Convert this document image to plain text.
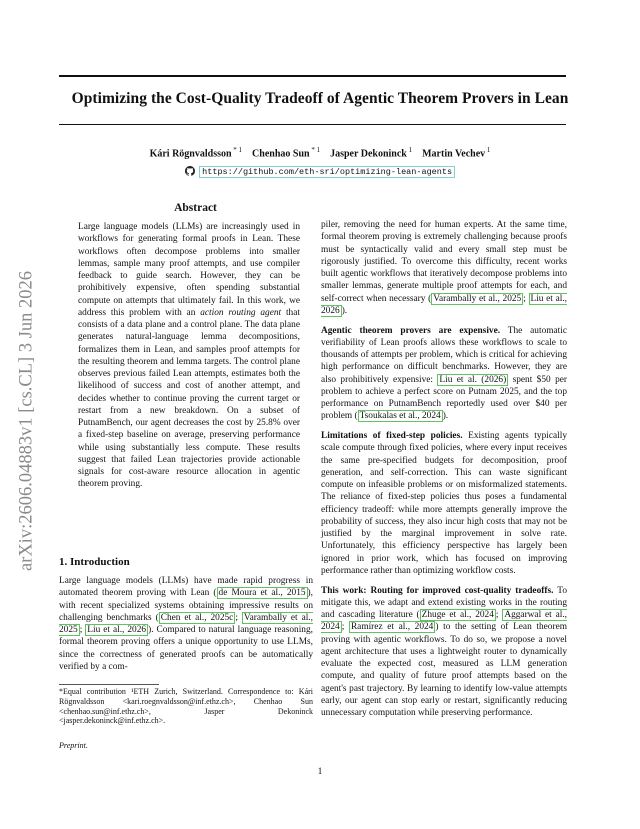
Optimizing the Cost-Quality Tradeoff of Agentic Theorem Provers in Lean
Kári Rögnvaldsson $^{* 1}$ Chenhao Sun $^{* 1}$ Jasper Dekoninck $^1$ Martin Vechev $^1$
https://github.com/eth-sri/optimizing-lean-agents
arXiv:2606.04883v1 [cs.CL] 3 Jun 2026
Abstract

Large language models (LLMs) are increasingly used in workflows for generating formal proofs in Lean. These workflows often decompose problems into smaller lemmas, sample many proof attempts, and use compiler feedback to guide search. However, they can be prohibitively expensive, often spending substantial compute on attempts that ultimately fail. In this work, we address this problem with an action routing agent that consists of a data plane and a control plane. The data plane generates natural-language lemma decompositions, formalizes them in Lean, and samples proof attempts for the resulting theorem and lemma targets. The control plane observes previous failed Lean attempts, estimates both the likelihood of success and cost of another attempt, and decides whether to continue proving the current target or restart from a new breakdown. On a subset of PutnamBench, our agent decreases the cost by 25.8% over a fixed-step baseline on average, preserving performance while using substantially less compute. These results suggest that failed Lean trajectories provide actionable signals for cost-aware resource allocation in agentic theorem proving.

1. Introduction

Large language models (LLMs) have made rapid progress in automated theorem proving with Lean ( de Moura et al., 2015 ), with recent specialized systems obtaining impressive results on challenging benchmarks ( Chen et al., 2025c ; Varambally et al., 2025 ; Liu et al., 2026 ). Compared to natural language reasoning, formal theorem proving offers a unique opportunity to use LLMs, since the correctness of generated proofs can be automatically verified by a com-

*Equal contribution ¹ETH Zurich, Switzerland. Correspondence to: Kári Rögnvaldsson <kari.roegnvaldsson@inf.ethz.ch>, Chenhao Sun <chenhao.sun@inf.ethz.ch>, Jasper Dekoninck <jasper.dekoninck@inf.ethz.ch>.
Preprint.

piler, removing the need for human experts. At the same time, formal theorem proving is extremely challenging because proofs must be syntactically valid and every small step must be rigorously justified. To overcome this difficulty, recent works built agentic workflows that iteratively decompose problems into smaller lemmas, generate multiple proof attempts for each, and self-correct when necessary ( Varambally et al., 2025 ; Liu et al., 2026 ).

Agentic theorem provers are expensive. The automatic verifiability of Lean proofs allows these workflows to scale to thousands of attempts per problem, which is critical for achieving high performance on difficult benchmarks. However, they are also prohibitively expensive: Liu et al. (2026) spent $50 per problem to achieve a perfect score on Putnam 2025, and the top performance on PutnamBench reportedly used over $40 per problem ( Tsoukalas et al., 2024 ).

Limitations of fixed-step policies. Existing agents typically scale compute through fixed policies, where every input receives the same pre-specified budgets for decomposition, proof generation, and self-correction. This can waste significant compute on infeasible problems or on misformalized statements. The reliance of fixed-step policies thus poses a fundamental efficiency tradeoff: while more attempts generally improve the probability of success, they also incur high costs that may not be justified by the marginal improvement in solve rate. Unfortunately, this efficiency perspective has largely been ignored in prior work, which has focused on improving performance rather than optimizing workflow costs.

This work: Routing for improved cost-quality tradeoffs. To mitigate this, we adapt and extend existing works in the routing and cascading literature ( Zhuge et al., 2024 ; Aggarwal et al., 2024 ; Ramírez et al., 2024 ) to the setting of Lean theorem proving with agentic workflows. To do so, we propose a novel agent architecture that uses a lightweight router to dynamically evaluate the expected cost, measured as LLM generation compute, and quality of future proof attempts based on the agent's past trajectory. By learning to identify low-value attempts early, our agent can stop early or restart, significantly reducing unnecessary computation while preserving performance.

1
